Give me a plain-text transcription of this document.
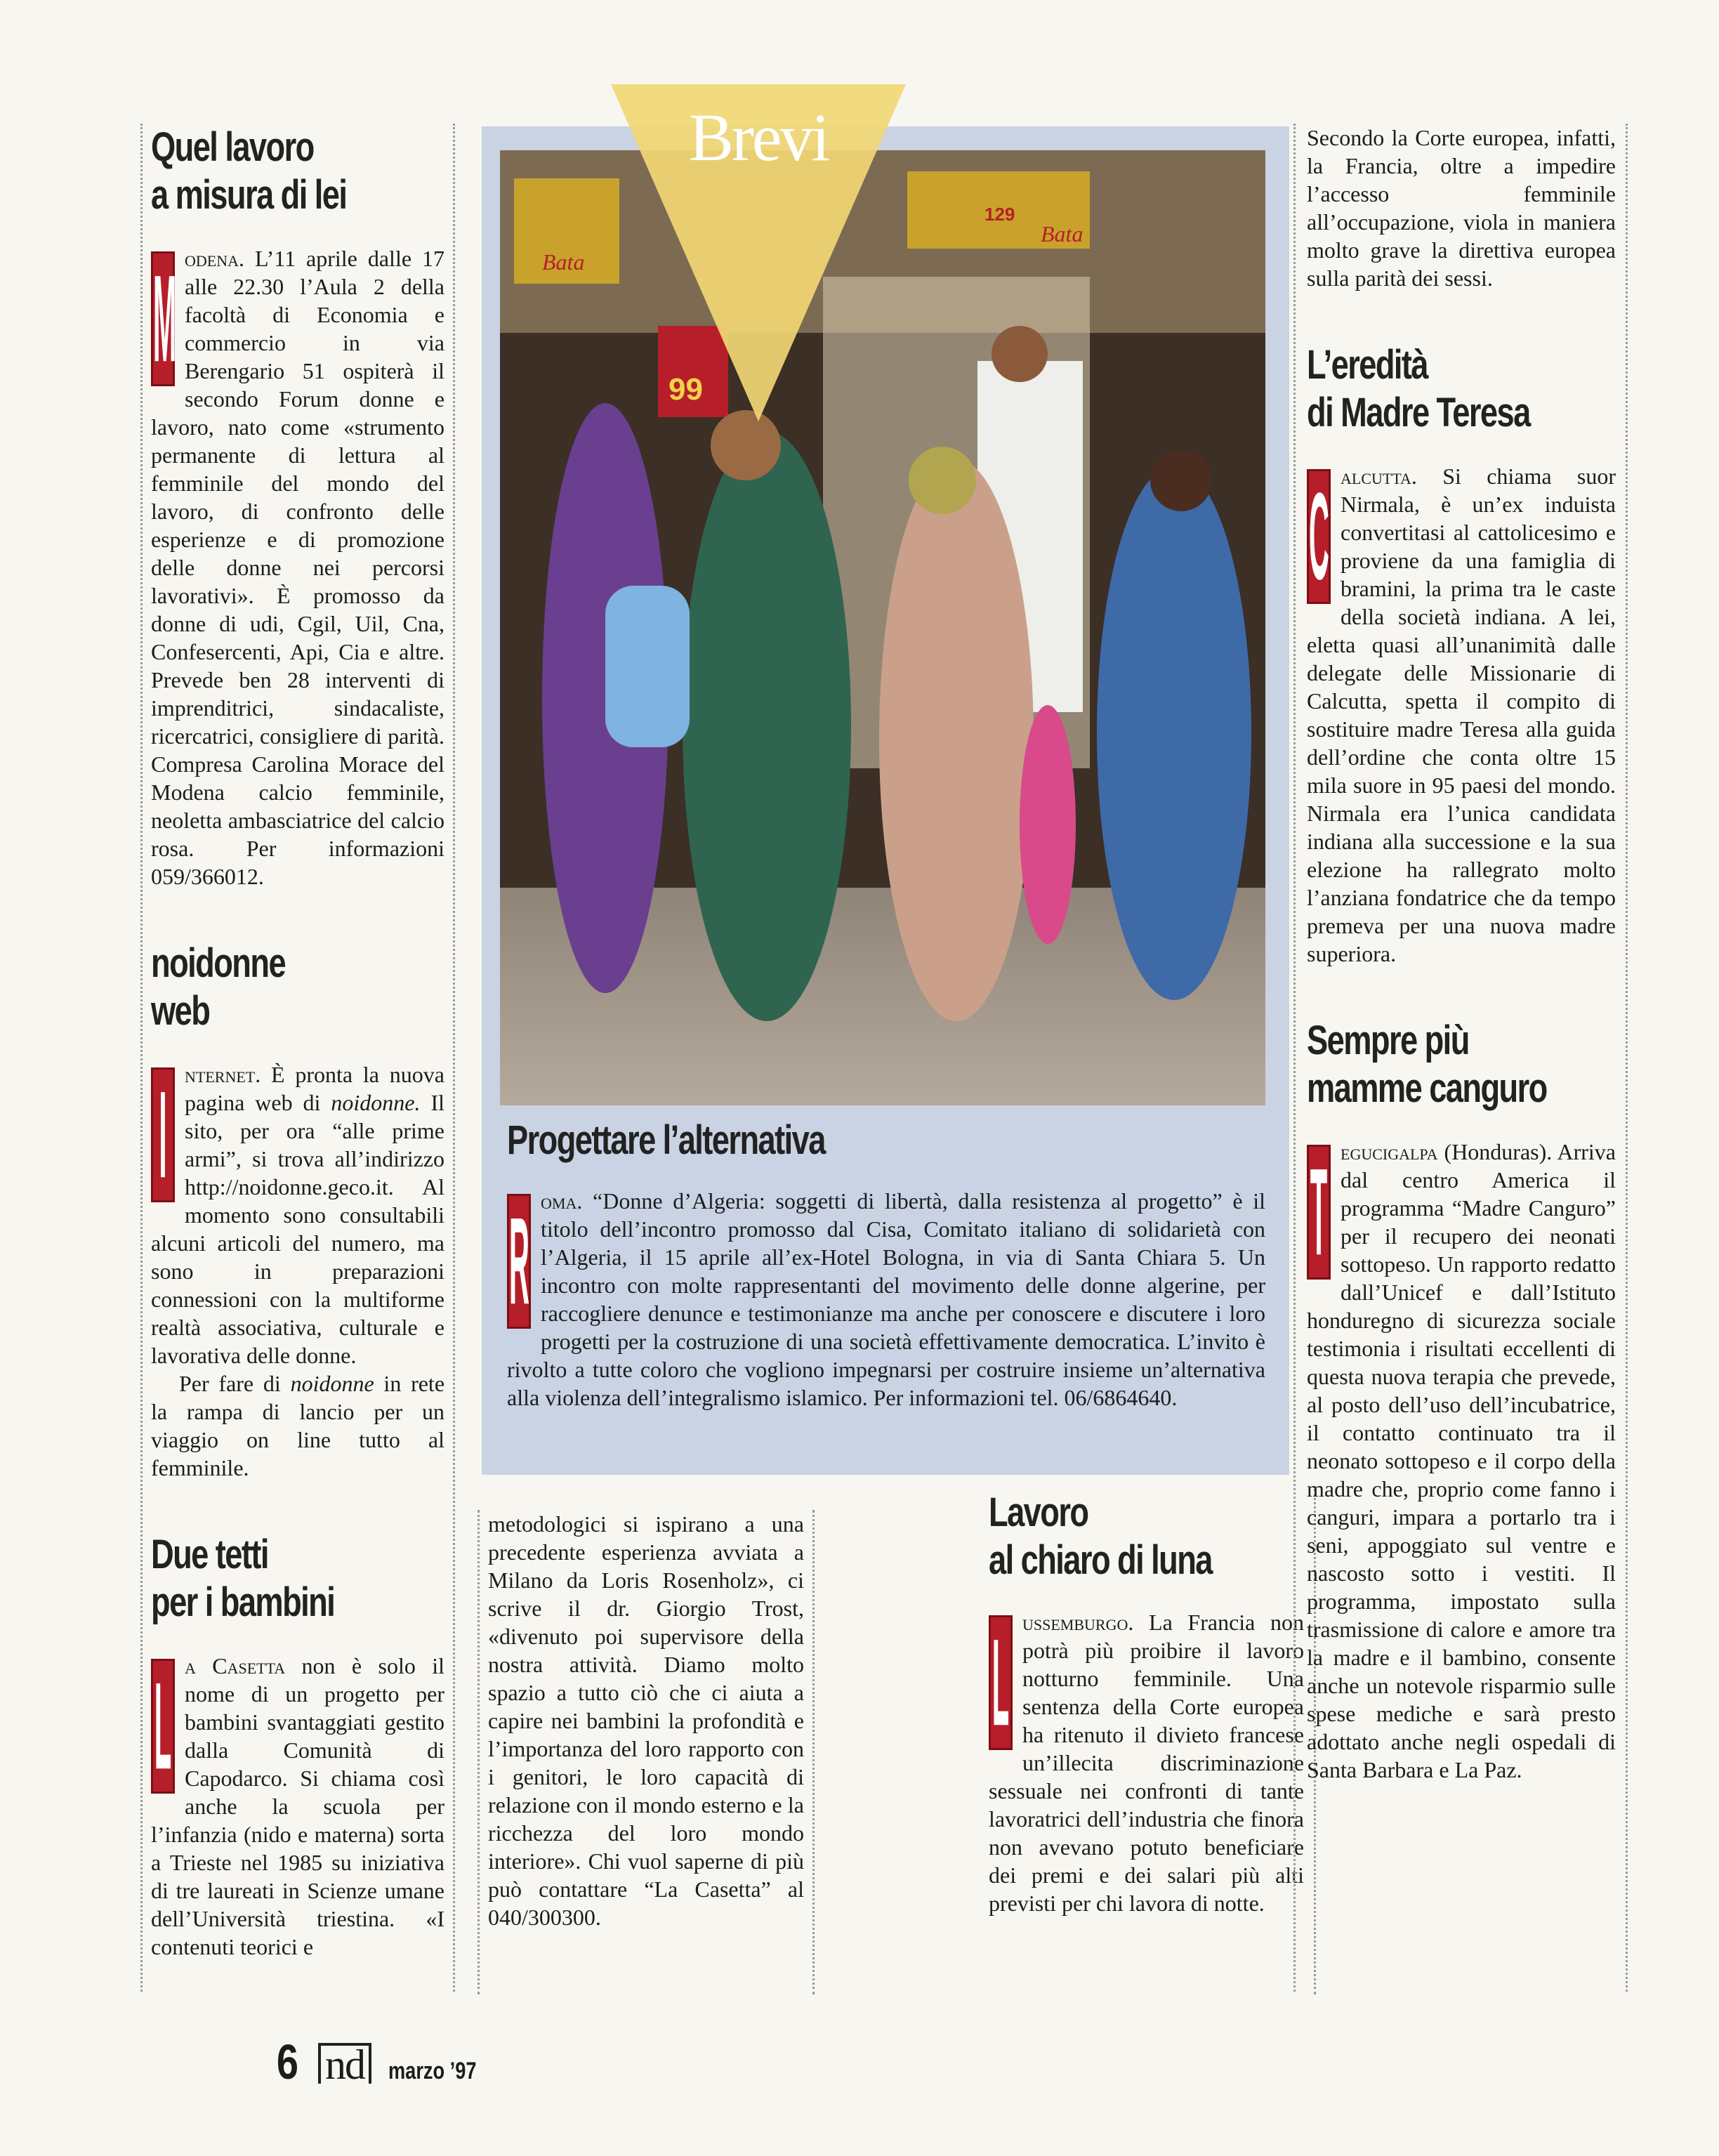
Quel lavoro
a misura di lei
M odena. L’11 aprile dalle 17 alle 22.30 l’Aula 2 della facoltà di Economia e commercio in via Berengario 51 ospiterà il secondo Forum donne e lavoro, nato come «strumento permanente di lettura al femminile del mondo del lavoro, di confronto delle esperienze e di promozione delle donne nei percorsi lavorativi». È promosso da donne di udi, Cgil, Uil, Cna, Confesercenti, Api, Cia e altre. Prevede ben 28 interventi di imprenditrici, sindacaliste, ricercatrici, consigliere di parità. Compresa Carolina Morace del Modena calcio femminile, neoletta ambasciatrice del calcio rosa. Per informazioni 059/366012.
noidonne
web
I nternet. È pronta la nuova pagina web di noidonne. Il sito, per ora “alle prime armi”, si trova all’indirizzo http://noidonne.geco.it. Al momento sono consultabili alcuni articoli del numero, ma sono in preparazioni connessioni con la multiforme realtà associativa, culturale e lavorativa delle donne.

Per fare di noidonne in rete la rampa di lancio per un viaggio on line tutto al femminile.

Due tetti
per i bambini
L a Casetta non è solo il nome di un progetto per bambini svantaggiati gestito dalla Comunità di Capodarco. Si chiama così anche la scuola per l’infanzia (nido e materna) sorta a Trieste nel 1985 su iniziativa di tre laureati in Scienze umane dell’Università triestina. «I contenuti teorici e
Bata
Bata
129
99
Brevi
Progettare l’alternativa
R oma. “Donne d’Algeria: soggetti di libertà, dalla resistenza al progetto” è il titolo dell’incontro promosso dal Cisa, Comitato italiano di solidarietà con l’Algeria, il 15 aprile all’ex-Hotel Bologna, in via di Santa Chiara 5. Un incontro con molte rappresentanti del movimento delle donne algerine, per raccogliere denunce e testimonianze ma anche per conoscere e discutere i loro progetti per la costruzione di una società effettivamente democratica. L’invito è rivolto a tutte coloro che vogliono impegnarsi per costruire insieme un’alternativa alla violenza dell’integralismo islamico. Per informazioni tel. 06/6864640.
metodologici si ispirano a una precedente esperienza avviata a Milano da Loris Rosenholz», ci scrive il dr. Giorgio Trost, «divenuto poi supervisore della nostra attività. Diamo molto spazio a tutto ciò che ci aiuta a capire nei bambini la profondità e l’importanza del loro rapporto con i genitori, le loro capacità di relazione con il mondo esterno e la ricchezza del loro mondo interiore». Chi vuol saperne di più può contattare “La Casetta” al 040/300300.
Lavoro
al chiaro di luna
L ussemburgo. La Francia non potrà più proibire il lavoro notturno femminile. Una sentenza della Corte europea ha ritenuto il divieto francese un’illecita discriminazione sessuale nei confronti di tante lavoratrici dell’industria che finora non avevano potuto beneficiare dei premi e dei salari più alti previsti per chi lavora di notte.
Secondo la Corte europea, infatti, la Francia, oltre a impedire l’accesso femminile all’occupazione, viola in maniera molto grave la direttiva europea sulla parità dei sessi.
L’eredità
di Madre Teresa
C alcutta. Si chiama suor Nirmala, è un’ex induista convertitasi al cattolicesimo e proviene da una famiglia di bramini, la prima tra le caste della società indiana. A lei, eletta quasi all’unanimità dalle delegate delle Missionarie di Calcutta, spetta il compito di sostituire madre Teresa alla guida dell’ordine che conta oltre 15 mila suore in 95 paesi del mondo. Nirmala era l’unica candidata indiana alla successione e la sua elezione ha rallegrato molto l’anziana fondatrice che da tempo premeva per una nuova madre superiora.
Sempre più
mamme canguro
T egucigalpa (Honduras). Arriva dal centro America il programma “Madre Canguro” per il recupero dei neonati sottopeso. Un rapporto redatto dall’Unicef e dall’Istituto honduregno di sicurezza sociale testimonia i risultati eccellenti di questa nuova terapia che prevede, al posto dell’uso dell’incubatrice, il contatto continuato tra il neonato sottopeso e il corpo della madre che, proprio come fanno i canguri, impara a portarlo tra i seni, appoggiato sul ventre e nascosto sotto i vestiti. Il programma, impostato sulla trasmissione di calore e amore tra la madre e il bambino, consente anche un notevole risparmio sulle spese mediche e sarà presto adottato anche negli ospedali di Santa Barbara e La Paz.
6 nd marzo ’97
